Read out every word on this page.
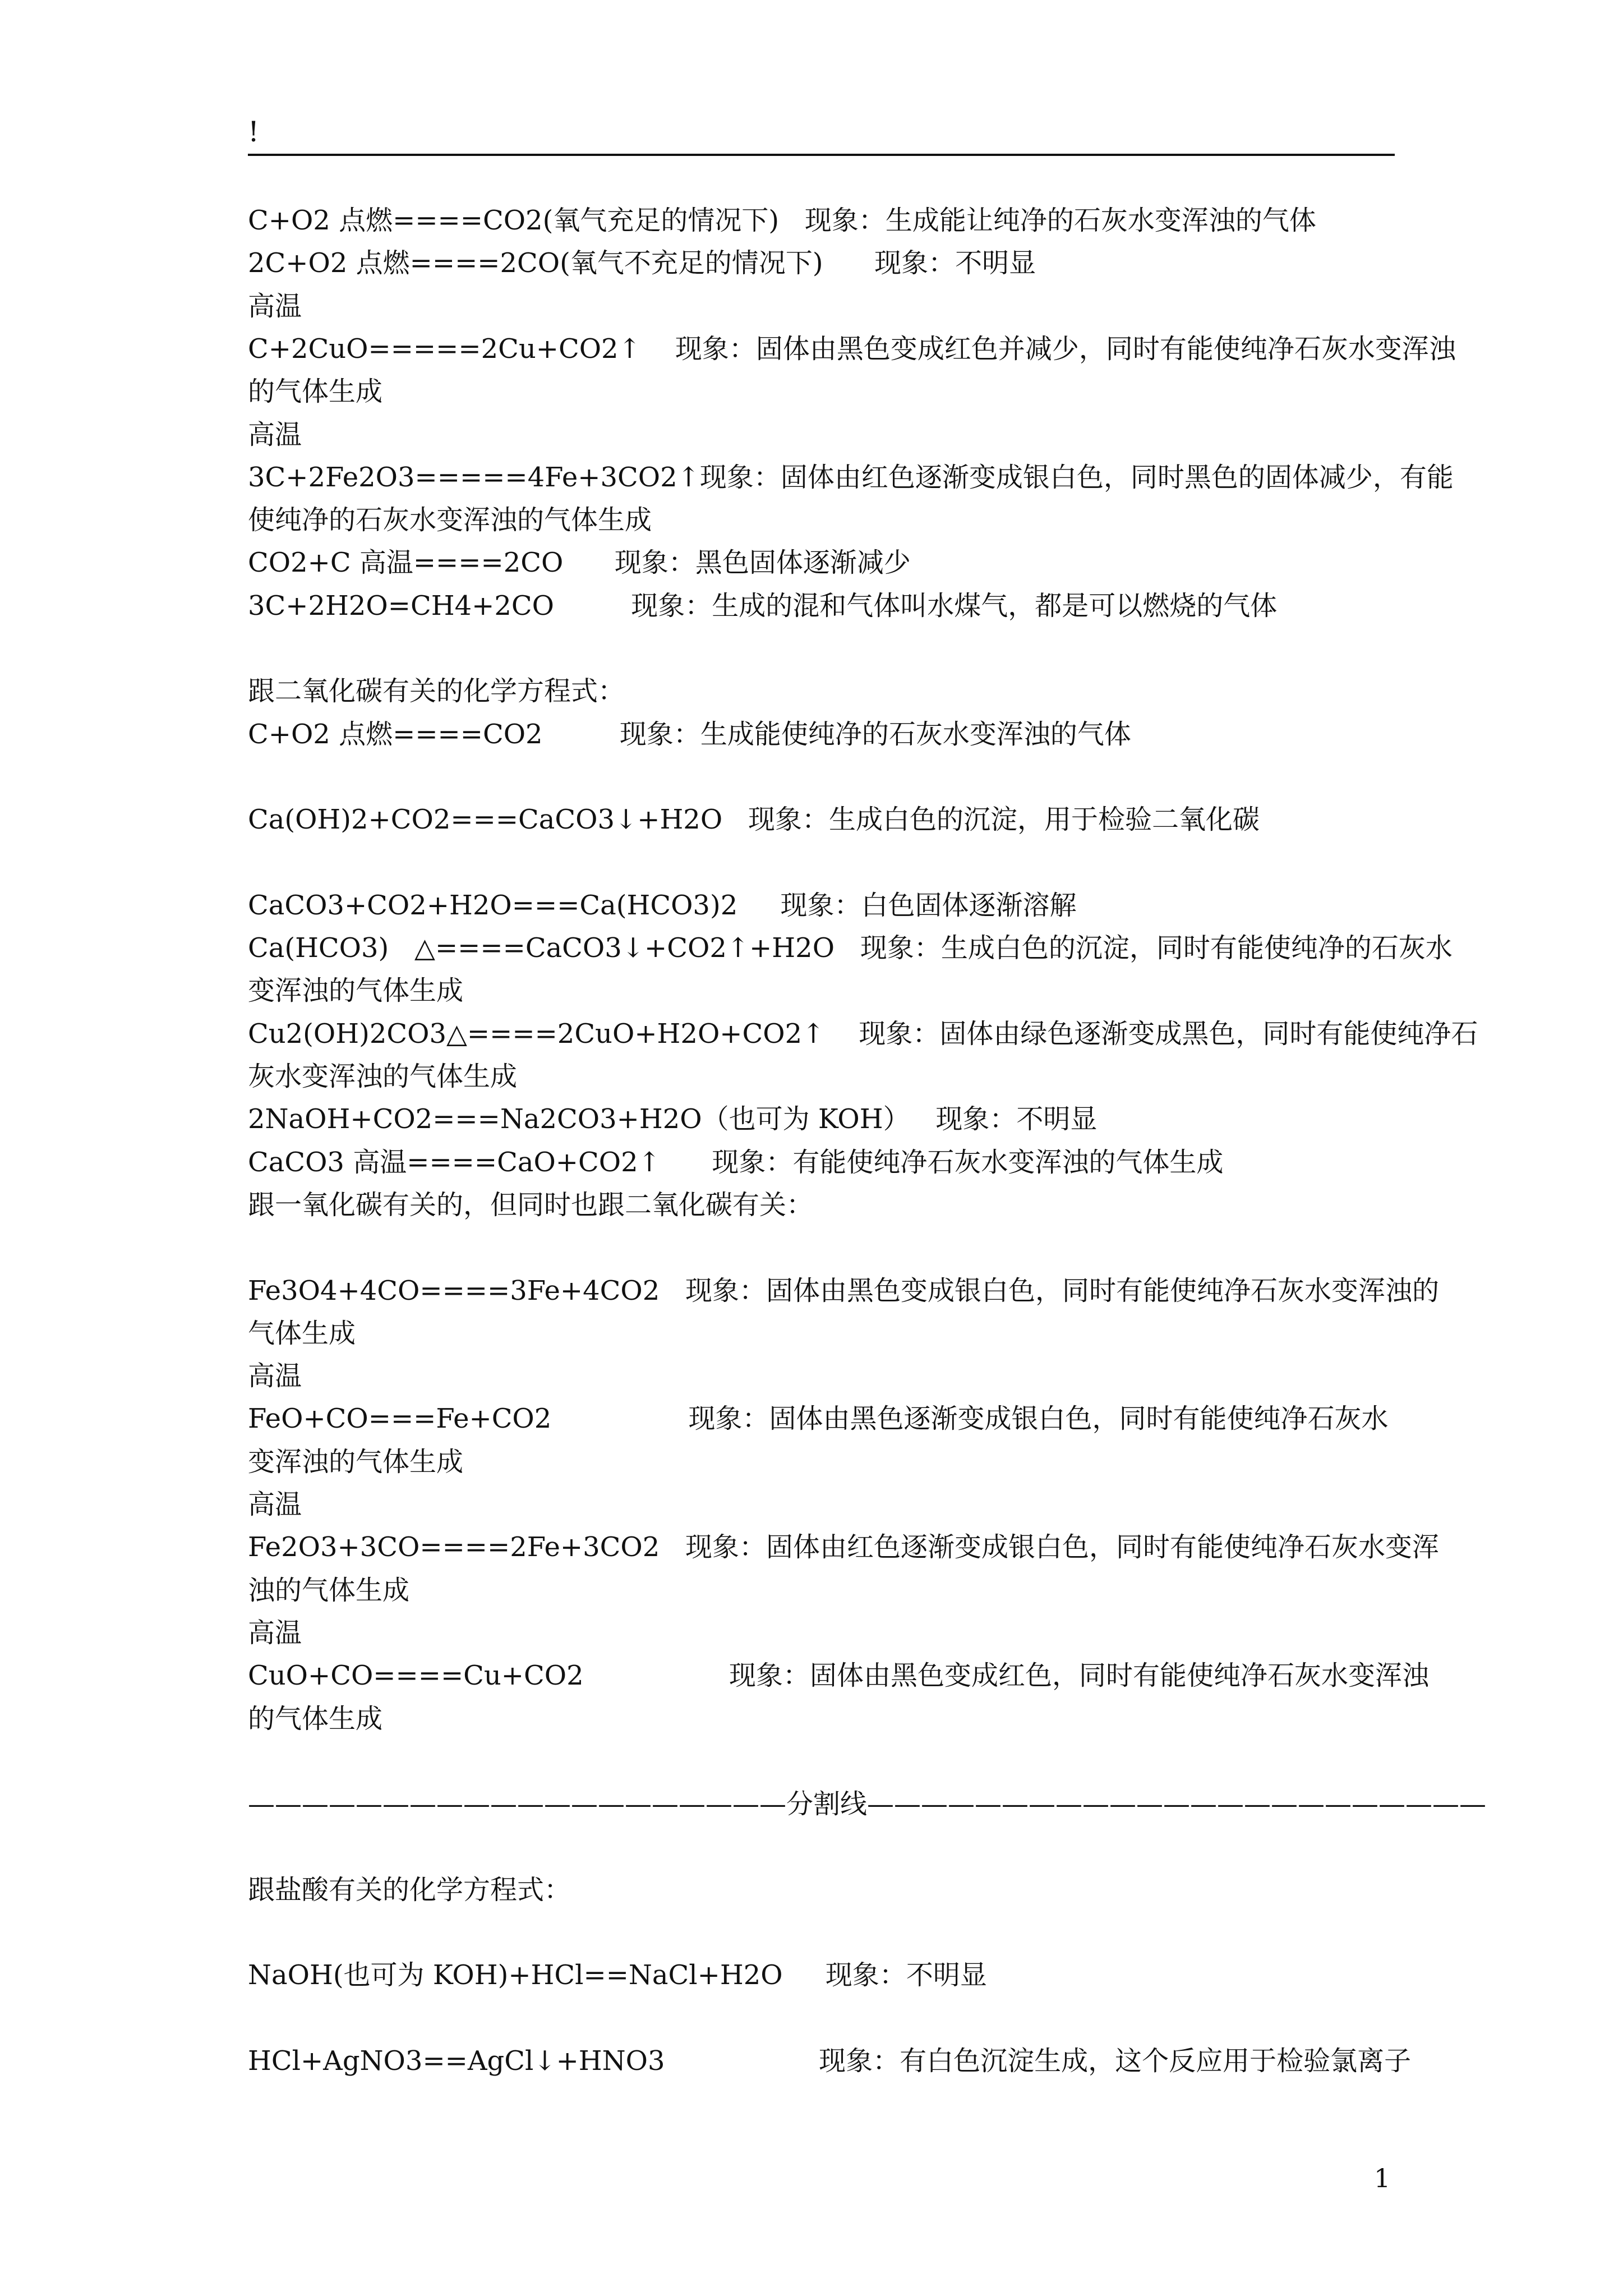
!
C+O2 点燃====CO2(氧气充足的情况下)   现象：生成能让纯净的石灰水变浑浊的气体
2C+O2 点燃====2CO(氧气不充足的情况下)      现象：不明显
高温
C+2CuO=====2Cu+CO2↑    现象：固体由黑色变成红色并减少，同时有能使纯净石灰水变浑浊
的气体生成
高温
3C+2Fe2O3=====4Fe+3CO2↑现象：固体由红色逐渐变成银白色，同时黑色的固体减少，有能
使纯净的石灰水变浑浊的气体生成
CO2+C 高温====2CO      现象：黑色固体逐渐减少
3C+2H2O=CH4+2CO         现象：生成的混和气体叫水煤气，都是可以燃烧的气体
跟二氧化碳有关的化学方程式：
C+O2 点燃====CO2         现象：生成能使纯净的石灰水变浑浊的气体
Ca(OH)2+CO2===CaCO3↓+H2O   现象：生成白色的沉淀，用于检验二氧化碳
CaCO3+CO2+H2O===Ca(HCO3)2     现象：白色固体逐渐溶解
Ca(HCO3)   △====CaCO3↓+CO2↑+H2O   现象：生成白色的沉淀，同时有能使纯净的石灰水
变浑浊的气体生成
Cu2(OH)2CO3△====2CuO+H2O+CO2↑    现象：固体由绿色逐渐变成黑色，同时有能使纯净石
灰水变浑浊的气体生成
2NaOH+CO2===Na2CO3+H2O（也可为 KOH）   现象：不明显
CaCO3 高温====CaO+CO2↑      现象：有能使纯净石灰水变浑浊的气体生成
跟一氧化碳有关的，但同时也跟二氧化碳有关：
Fe3O4+4CO====3Fe+4CO2   现象：固体由黑色变成银白色，同时有能使纯净石灰水变浑浊的
气体生成
高温
FeO+CO===Fe+CO2                现象：固体由黑色逐渐变成银白色，同时有能使纯净石灰水
变浑浊的气体生成
高温
Fe2O3+3CO====2Fe+3CO2   现象：固体由红色逐渐变成银白色，同时有能使纯净石灰水变浑
浊的气体生成
高温
CuO+CO====Cu+CO2                 现象：固体由黑色变成红色，同时有能使纯净石灰水变浑浊
的气体生成
————————————————————分割线———————————————————————
跟盐酸有关的化学方程式：
NaOH(也可为 KOH)+HCl==NaCl+H2O     现象：不明显
HCl+AgNO3==AgCl↓+HNO3                  现象：有白色沉淀生成，这个反应用于检验氯离子
1
